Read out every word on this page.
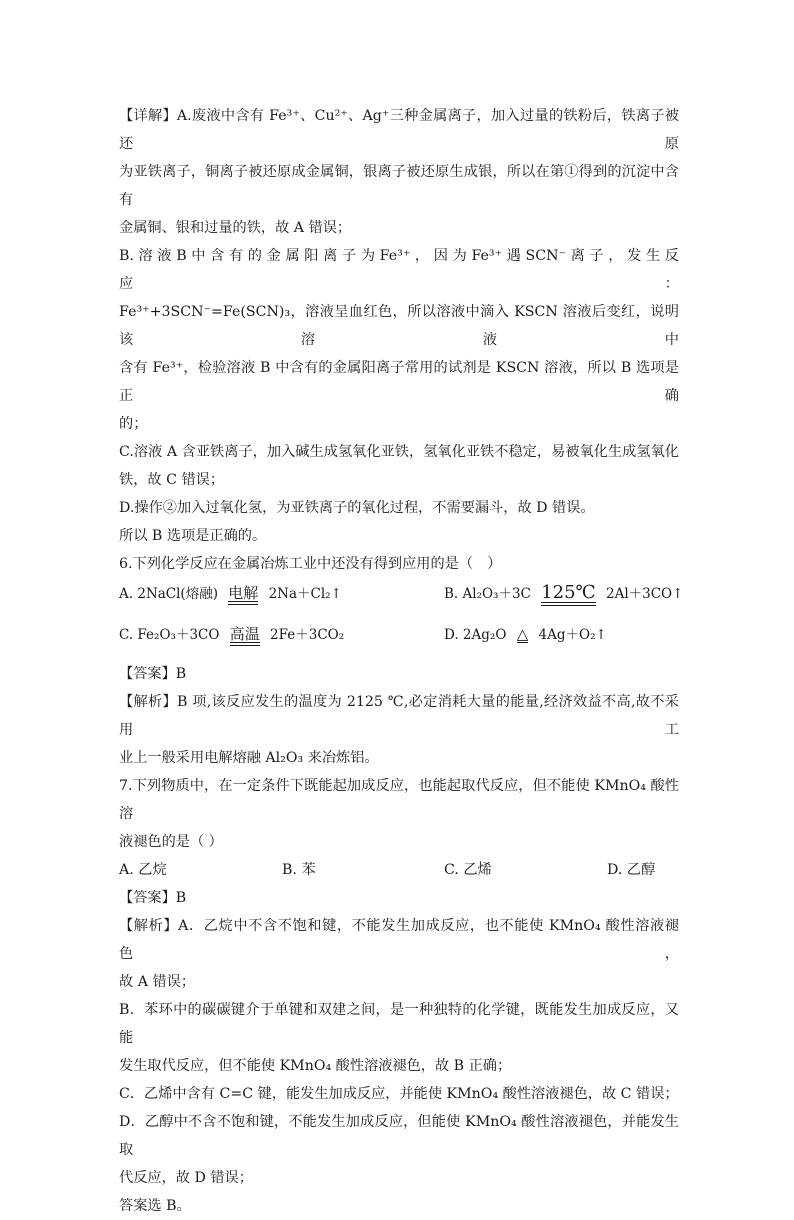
【详解】A.废液中含有 Fe³⁺、Cu²⁺、Ag⁺三种金属离子，加入过量的铁粉后，铁离子被还原
为亚铁离子，铜离子被还原成金属铜，银离子被还原生成银，所以在第①得到的沉淀中含有
金属铜、银和过量的铁，故 A 错误；
B. 溶 液 B 中 含 有 的 金 属 阳 离 子 为 Fe³⁺ ， 因 为 Fe³⁺ 遇 SCN⁻ 离 子 ， 发 生 反 应 ：
Fe³⁺+3SCN⁻=Fe(SCN)₃，溶液呈血红色，所以溶液中滴入 KSCN 溶液后变红，说明该溶液中
含有 Fe³⁺，检验溶液 B 中含有的金属阳离子常用的试剂是 KSCN 溶液，所以 B 选项是正确
的；
C.溶液 A 含亚铁离子，加入碱生成氢氧化亚铁，氢氧化亚铁不稳定，易被氧化生成氢氧化
铁，故 C 错误；
D.操作②加入过氧化氢，为亚铁离子的氧化过程，不需要漏斗，故 D 错误。
所以 B 选项是正确的。
6.下列化学反应在金属冶炼工业中还没有得到应用的是（　）
A. 2NaCl(熔融) 电解 2Na＋Cl₂↑	B. Al₂O₃＋3C 125℃ 2Al＋3CO↑
C. Fe₂O₃＋3CO 高温 2Fe＋3CO₂	D. 2Ag₂O △ 4Ag＋O₂↑
【答案】B
【解析】B 项,该反应发生的温度为 2125 ℃,必定消耗大量的能量,经济效益不高,故不采用工
业上一般采用电解熔融 Al₂O₃ 来冶炼铝。
7.下列物质中，在一定条件下既能起加成反应，也能起取代反应，但不能使 KMnO₄ 酸性溶
液褪色的是（ ）
A. 乙烷	B. 苯	C. 乙烯	D. 乙醇
【答案】B
【解析】A．乙烷中不含不饱和键，不能发生加成反应，也不能使 KMnO₄ 酸性溶液褪色，
故 A 错误；
B．苯环中的碳碳键介于单键和双建之间，是一种独特的化学键，既能发生加成反应，又能
发生取代反应，但不能使 KMnO₄ 酸性溶液褪色，故 B 正确；
C．乙烯中含有 C=C 键，能发生加成反应，并能使 KMnO₄ 酸性溶液褪色，故 C 错误；
D．乙醇中不含不饱和键，不能发生加成反应，但能使 KMnO₄ 酸性溶液褪色，并能发生取
代反应，故 D 错误；
答案选 B。
